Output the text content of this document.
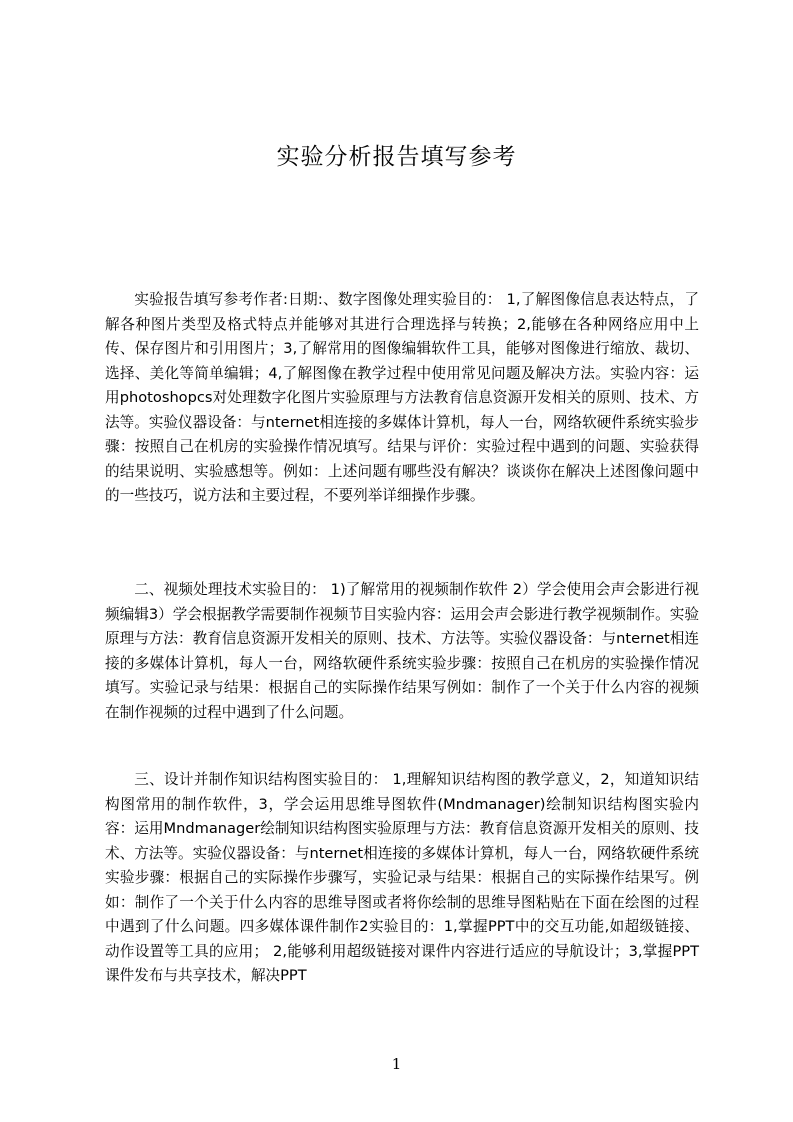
实验分析报告填写参考

实验报告填写参考作者:日期:、数字图像处理实验目的： 1,了解图像信息表达特点，了解各种图片类型及格式特点并能够对其进行合理选择与转换；2,能够在各种网络应用中上传、保存图片和引用图片；3,了解常用的图像编辑软件工具，能够对图像进行缩放、裁切、选择、美化等简单编辑；4,了解图像在教学过程中使用常见问题及解决方法。实验内容：运用photoshopcs对处理数字化图片实验原理与方法教育信息资源开发相关的原则、技术、方法等。实验仪器设备：与nternet相连接的多媒体计算机，每人一台，网络软硬件系统实验步骤：按照自己在机房的实验操作情况填写。结果与评价：实验过程中遇到的问题、实验获得的结果说明、实验感想等。例如：上述问题有哪些没有解决？谈谈你在解决上述图像问题中的一些技巧，说方法和主要过程，不要列举详细操作步骤。

二、视频处理技术实验目的： 1)了解常用的视频制作软件 2）学会使用会声会影进行视频编辑3）学会根据教学需要制作视频节目实验内容：运用会声会影进行教学视频制作。实验原理与方法：教育信息资源开发相关的原则、技术、方法等。实验仪器设备：与nternet相连接的多媒体计算机，每人一台，网络软硬件系统实验步骤：按照自己在机房的实验操作情况填写。实验记录与结果：根据自己的实际操作结果写例如：制作了一个关于什么内容的视频在制作视频的过程中遇到了什么问题。

三、设计并制作知识结构图实验目的： 1,理解知识结构图的教学意义，2，知道知识结构图常用的制作软件，3，学会运用思维导图软件(Mndmanager)绘制知识结构图实验内容：运用Mndmanager绘制知识结构图实验原理与方法：教育信息资源开发相关的原则、技术、方法等。实验仪器设备：与nternet相连接的多媒体计算机，每人一台，网络软硬件系统实验步骤：根据自己的实际操作步骤写，实验记录与结果：根据自己的实际操作结果写。例如：制作了一个关于什么内容的思维导图或者将你绘制的思维导图粘贴在下面在绘图的过程中遇到了什么问题。四多媒体课件制作2实验目的：1,掌握PPT中的交互功能,如超级链接、动作设置等工具的应用； 2,能够利用超级链接对课件内容进行适应的导航设计；3,掌握PPT课件发布与共享技术，解决PPT

1
